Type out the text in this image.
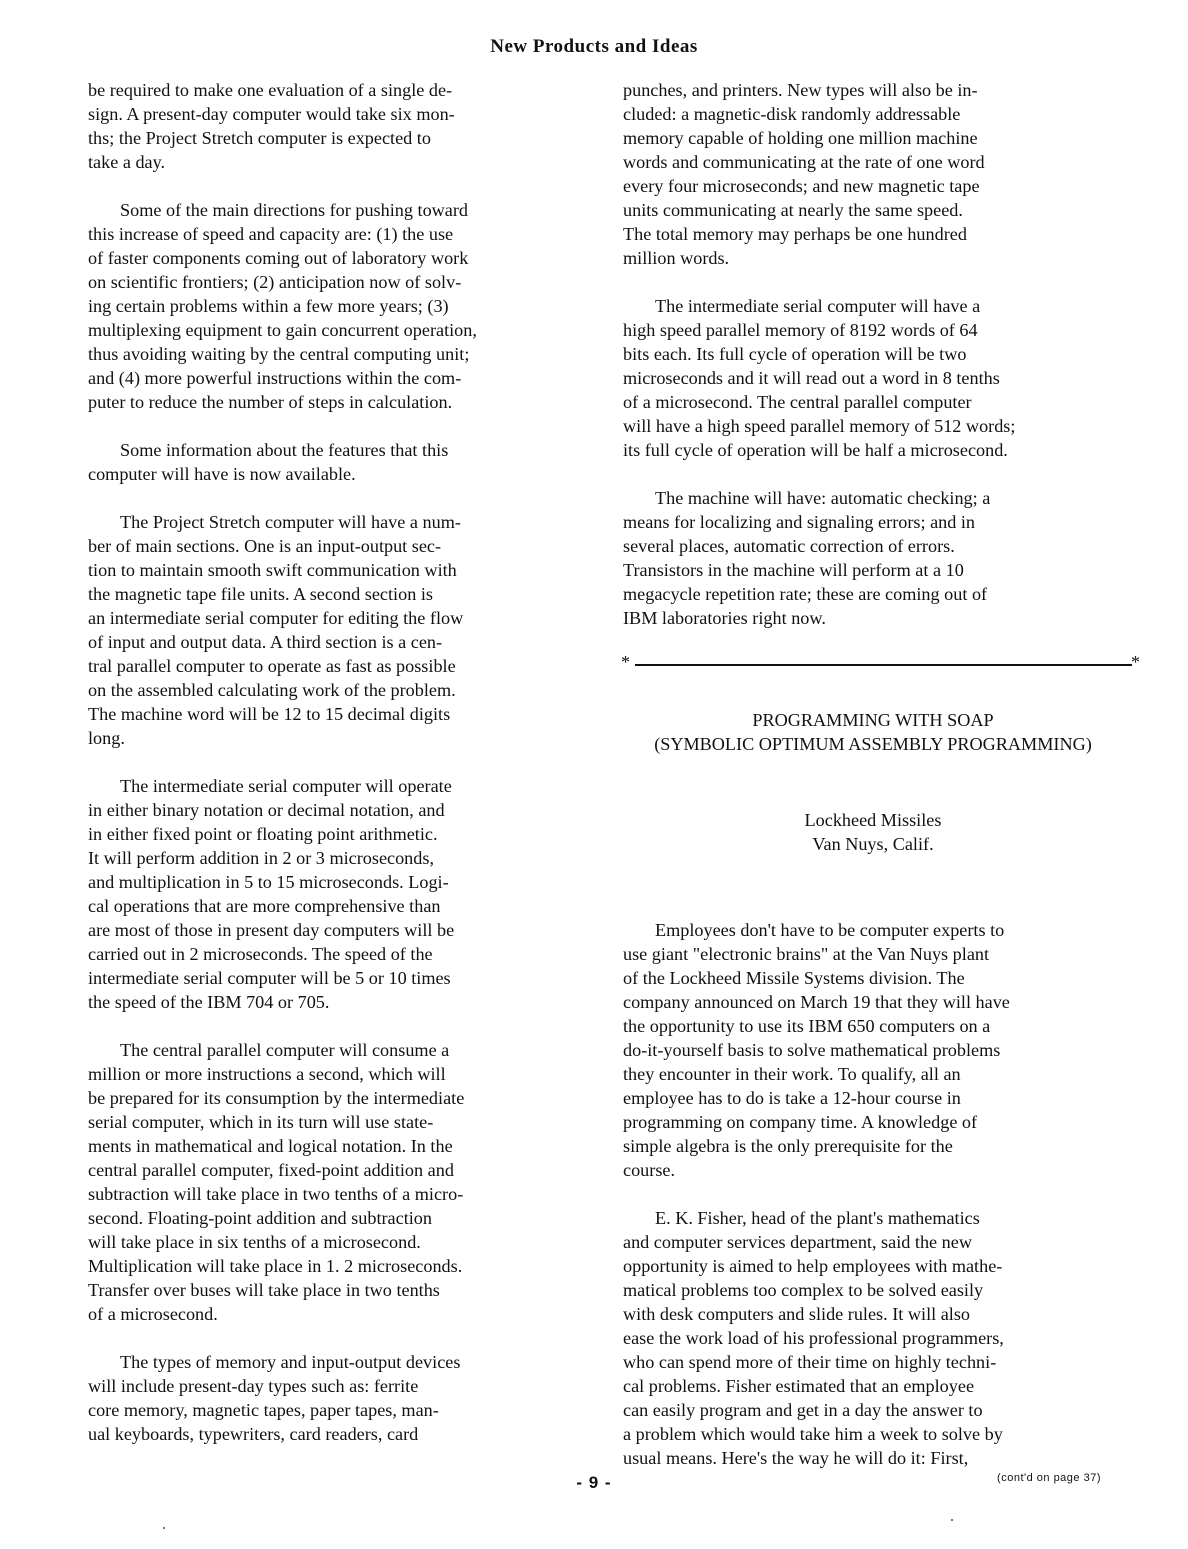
New Products and Ideas

be required to make one evaluation of a single de-
sign. A present-day computer would take six mon-
ths; the Project Stretch computer is expected to
take a day.

Some of the main directions for pushing toward
this increase of speed and capacity are: (1) the use
of faster components coming out of laboratory work
on scientific frontiers; (2) anticipation now of solv-
ing certain problems within a few more years; (3)
multiplexing equipment to gain concurrent operation,
thus avoiding waiting by the central computing unit;
and (4) more powerful instructions within the com-
puter to reduce the number of steps in calculation.

Some information about the features that this
computer will have is now available.

The Project Stretch computer will have a num-
ber of main sections. One is an input-output sec-
tion to maintain smooth swift communication with
the magnetic tape file units. A second section is
an intermediate serial computer for editing the flow
of input and output data. A third section is a cen-
tral parallel computer to operate as fast as possible
on the assembled calculating work of the problem.
The machine word will be 12 to 15 decimal digits
long.

The intermediate serial computer will operate
in either binary notation or decimal notation, and
in either fixed point or floating point arithmetic.
It will perform addition in 2 or 3 microseconds,
and multiplication in 5 to 15 microseconds. Logi-
cal operations that are more comprehensive than
are most of those in present day computers will be
carried out in 2 microseconds. The speed of the
intermediate serial computer will be 5 or 10 times
the speed of the IBM 704 or 705.

The central parallel computer will consume a
million or more instructions a second, which will
be prepared for its consumption by the intermediate
serial computer, which in its turn will use state-
ments in mathematical and logical notation. In the
central parallel computer, fixed-point addition and
subtraction will take place in two tenths of a micro-
second. Floating-point addition and subtraction
will take place in six tenths of a microsecond.
Multiplication will take place in 1. 2 microseconds.
Transfer over buses will take place in two tenths
of a microsecond.

The types of memory and input-output devices
will include present-day types such as: ferrite
core memory, magnetic tapes, paper tapes, man-
ual keyboards, typewriters, card readers, card

punches, and printers. New types will also be in-
cluded: a magnetic-disk randomly addressable
memory capable of holding one million machine
words and communicating at the rate of one word
every four microseconds; and new magnetic tape
units communicating at nearly the same speed.
The total memory may perhaps be one hundred
million words.

The intermediate serial computer will have a
high speed parallel memory of 8192 words of 64
bits each. Its full cycle of operation will be two
microseconds and it will read out a word in 8 tenths
of a microsecond. The central parallel computer
will have a high speed parallel memory of 512 words;
its full cycle of operation will be half a microsecond.

The machine will have: automatic checking; a
means for localizing and signaling errors; and in
several places, automatic correction of errors.
Transistors in the machine will perform at a 10
megacycle repetition rate; these are coming out of
IBM laboratories right now.

*	*
PROGRAMMING WITH SOAP
(SYMBOLIC OPTIMUM ASSEMBLY PROGRAMMING)
Lockheed Missiles
Van Nuys, Calif.

Employees don't have to be computer experts to
use giant "electronic brains" at the Van Nuys plant
of the Lockheed Missile Systems division. The
company announced on March 19 that they will have
the opportunity to use its IBM 650 computers on a
do-it-yourself basis to solve mathematical problems
they encounter in their work. To qualify, all an
employee has to do is take a 12-hour course in
programming on company time. A knowledge of
simple algebra is the only prerequisite for the
course.

E. K. Fisher, head of the plant's mathematics
and computer services department, said the new
opportunity is aimed to help employees with mathe-
matical problems too complex to be solved easily
with desk computers and slide rules. It will also
ease the work load of his professional programmers,
who can spend more of their time on highly techni-
cal problems. Fisher estimated that an employee
can easily program and get in a day the answer to
a problem which would take him a week to solve by
usual means. Here's the way he will do it: First,

(cont'd on page 37)
- 9 -
